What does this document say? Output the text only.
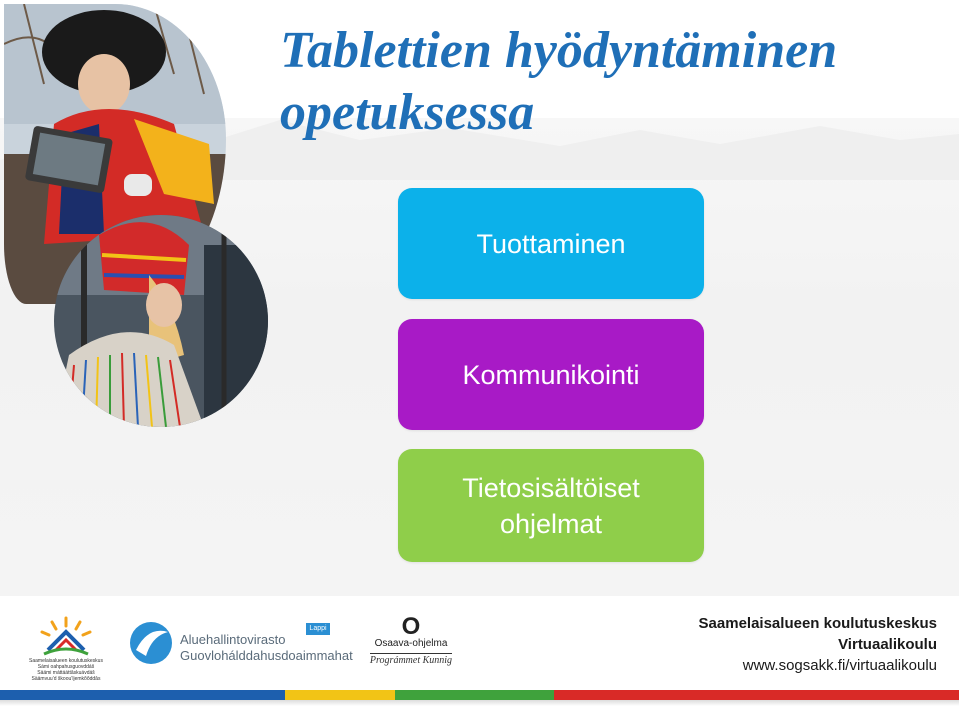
Tablettien hyödyntäminen
opetuksessa
Tuottaminen
Kommunikointi
Tietosisältöiset
ohjelmat
Saamelaisalueen koulutuskeskus
Sámi oahpahusguovddáš
Säämi máttááttâskuávdáš
Säämvuu’d škoou’ljemkõõddâs
Aluehallintovirasto
Guovlohálddahusdoaimmahat
Lappi	O
Osaava-ohjelma
Prográmmet Kunnig
Saamelaisalueen koulutuskeskus
Virtuaalikoulu
www.sogsakk.fi/virtuaalikoulu
